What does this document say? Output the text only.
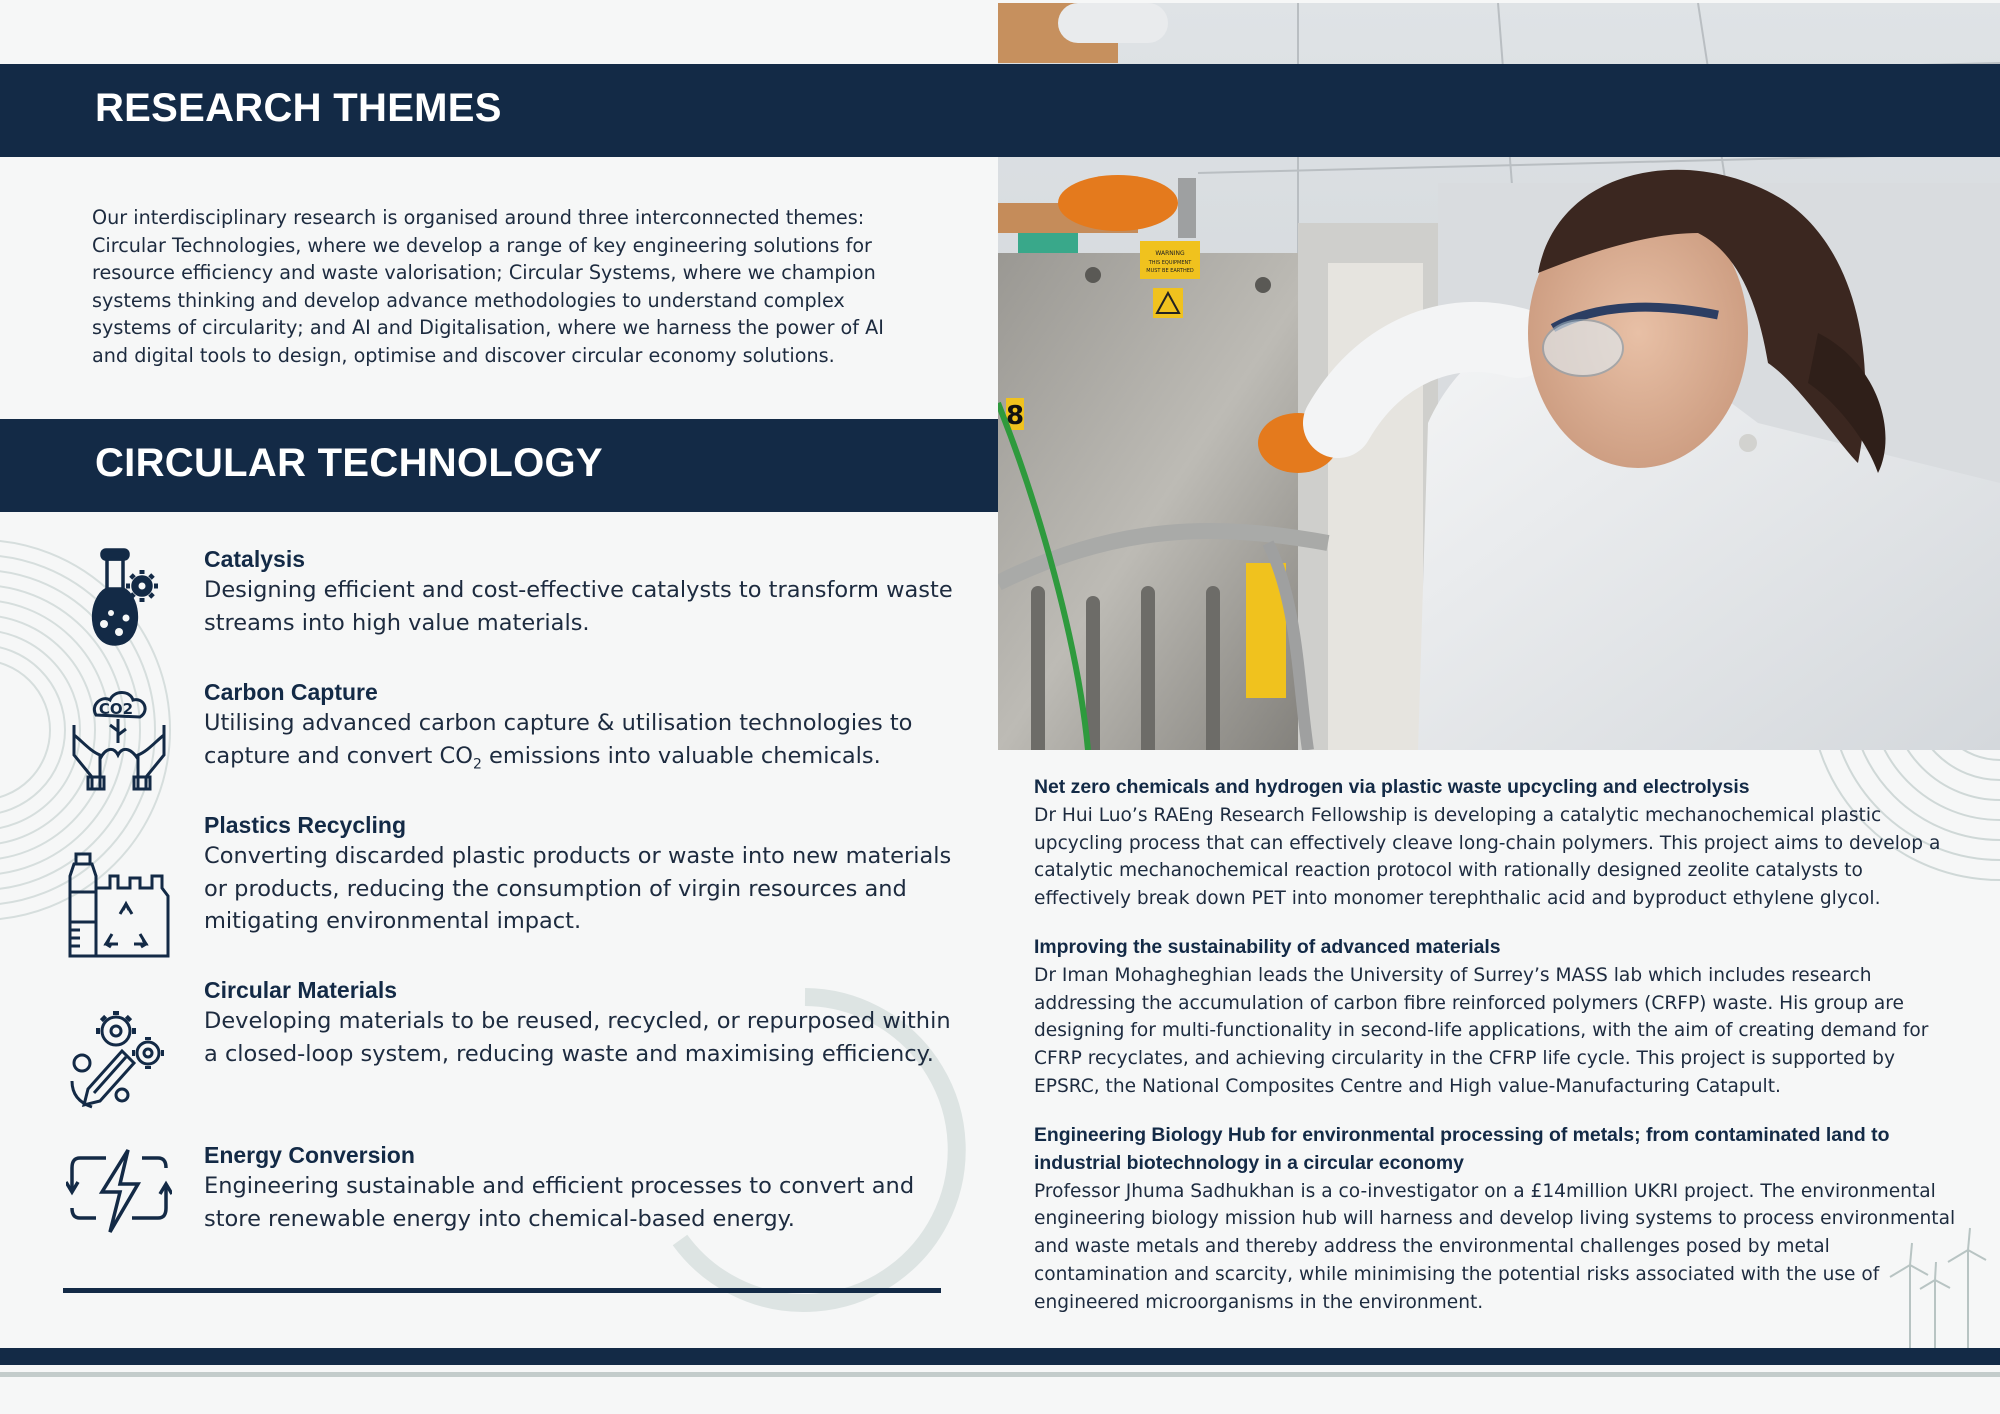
WARNING
THIS EQUIPMENT
MUST BE EARTHED
8
RESEARCH THEMES
CIRCULAR TECHNOLOGY

Our interdisciplinary research is organised around three interconnected themes: Circular Technologies, where we develop a range of key engineering solutions for resource efficiency and waste valorisation; Circular Systems, where we champion systems thinking and develop advance methodologies to understand complex systems of circularity; and AI and Digitalisation, where we harness the power of AI and digital tools to design, optimise and discover circular economy solutions.

Catalysis
Designing efficient and cost-effective catalysts to transform waste streams into high value materials.
CO2
Carbon Capture
Utilising advanced carbon capture & utilisation technologies to capture and convert $CO_2$ emissions into valuable chemicals.
Plastics Recycling
Converting discarded plastic products or waste into new materials or products, reducing the consumption of virgin resources and mitigating environmental impact.
Circular Materials
Developing materials to be reused, recycled, or repurposed within a closed-loop system, reducing waste and maximising efficiency.
Energy Conversion
Engineering sustainable and efficient processes to convert and store renewable energy into chemical-based energy.
Net zero chemicals and hydrogen via plastic waste upcycling and electrolysis
Dr Hui Luo’s RAEng Research Fellowship is developing a catalytic mechanochemical plastic upcycling process that can effectively cleave long-chain polymers. This project aims to develop a catalytic mechanochemical reaction protocol with rationally designed zeolite catalysts to effectively break down PET into monomer terephthalic acid and byproduct ethylene glycol.
Improving the sustainability of advanced materials
Dr Iman Mohagheghian leads the University of Surrey’s MASS lab which includes research addressing the accumulation of carbon fibre reinforced polymers (CRFP) waste. His group are designing for multi-functionality in second-life applications, with the aim of creating demand for CFRP recyclates, and achieving circularity in the CFRP life cycle. This project is supported by EPSRC, the National Composites Centre and High value-Manufacturing Catapult.
Engineering Biology Hub for environmental processing of metals; from contaminated land to industrial biotechnology in a circular economy
Professor Jhuma Sadhukhan is a co-investigator on a £14million UKRI project. The environmental engineering biology mission hub will harness and develop living systems to process environmental and waste metals and thereby address the environmental challenges posed by metal contamination and scarcity, while minimising the potential risks associated with the use of engineered microorganisms in the environment.
